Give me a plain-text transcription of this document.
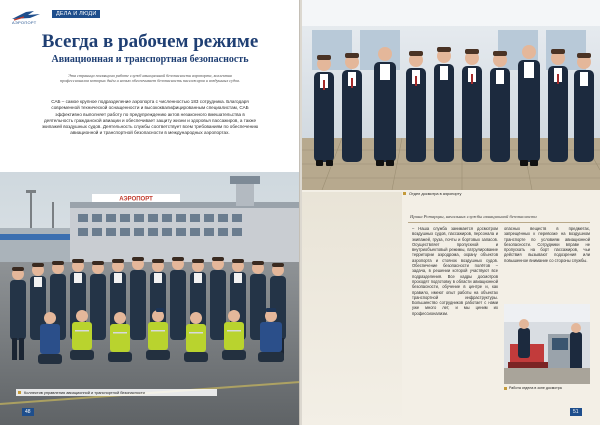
АЭРОПОРТ
ДЕЛА И ЛЮДИ
Всегда в рабочем режиме
Авиационная и транспортная безопасность
Эта страница посвящена работе служб авиационной безопасности аэропорта, коллектив профессионалов которых днём и ночью обеспечивает безопасность пассажиров и воздушных судов.
САБ – самое крупное подразделение аэропорта с численностью 183 сотрудника. Благодаря современной технической оснащенности и высококвалифицированным специалистам, САБ эффективно выполняет работу по предупреждению актов незаконного вмешательства в деятельность гражданской авиации и обеспечивает защиту жизни и здоровья пассажиров, а также экипажей воздушных судов. Деятельность службы соответствует всем требованиям по обеспечению авиационной и транспортной безопасности в международных аэропортах.
АЭРОПОРТ
Коллектив управления авиационной и транспортной безопасности
48
Отдел досмотра в аэропорту
Ирина Ротарцан, начальник службы авиационной безопасности
– Наша служба занимается досмотром воздушных судов, пассажиров, персонала и экипажей, груза, почты и бортовых запасов. Осуществляет пропускной и внутриобъектовый режимы, патрулирование территории аэродрома, охрану объектов аэропорта и стоянок воздушных судов. Обеспечение безопасности полётов – задача, в решении которой участвуют все подразделения. Все кадры досмотров проходят подготовку в области авиационной безопасности, обучение в центре и, как правило, имеют опыт работы на объектах транспортной инфраструктуры. Большинство сотрудников работает с нами уже много лет, и мы ценим их профессионализм.
опасных веществ в предметах, запрещённых к перевозке на воздушном транспорте по условиям авиационной безопасности. Сотрудники вправе не пропускать на борт пассажиров, чьи действия вызывают подозрения или повышенное внимание со стороны службы.
Работа отдела в зоне досмотра
51
